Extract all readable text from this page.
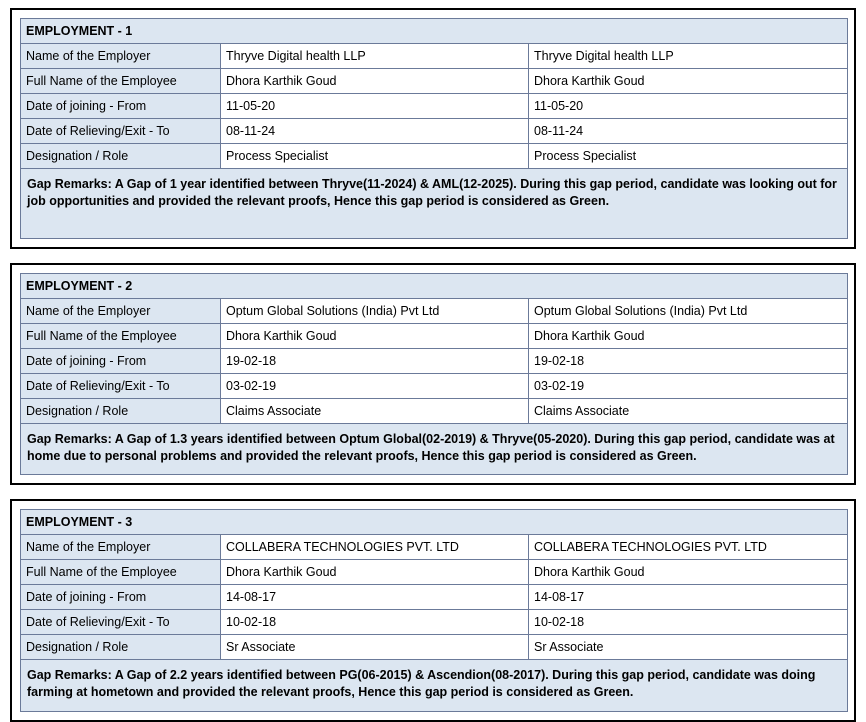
EMPLOYMENT - 1		
Name of the Employer	Thryve Digital health LLP	Thryve Digital health LLP
Full Name of the Employee	Dhora Karthik Goud	Dhora Karthik Goud
Date of joining - From	11-05-20	11-05-20
Date of Relieving/Exit - To	08-11-24	08-11-24
Designation / Role	Process Specialist	Process Specialist
Gap Remarks: A Gap of 1 year identified between Thryve(11-2024) & AML(12-2025). During this gap period, candidate was looking out for job opportunities and provided the relevant proofs, Hence this gap period is considered as Green.
EMPLOYMENT - 2		
Name of the Employer	Optum Global Solutions (India) Pvt Ltd	Optum Global Solutions (India) Pvt Ltd
Full Name of the Employee	Dhora Karthik Goud	Dhora Karthik Goud
Date of joining - From	19-02-18	19-02-18
Date of Relieving/Exit - To	03-02-19	03-02-19
Designation / Role	Claims Associate	Claims Associate
Gap Remarks: A Gap of 1.3 years identified between Optum Global(02-2019) & Thryve(05-2020). During this gap period, candidate was at home due to personal problems and provided the relevant proofs, Hence this gap period is considered as Green.
EMPLOYMENT - 3		
Name of the Employer	COLLABERA TECHNOLOGIES PVT. LTD	COLLABERA TECHNOLOGIES PVT. LTD
Full Name of the Employee	Dhora Karthik Goud	Dhora Karthik Goud
Date of joining - From	14-08-17	14-08-17
Date of Relieving/Exit - To	10-02-18	10-02-18
Designation / Role	Sr Associate	Sr Associate
Gap Remarks: A Gap of 2.2 years identified between PG(06-2015) & Ascendion(08-2017). During this gap period, candidate was doing farming at hometown and provided the relevant proofs, Hence this gap period is considered as Green.
